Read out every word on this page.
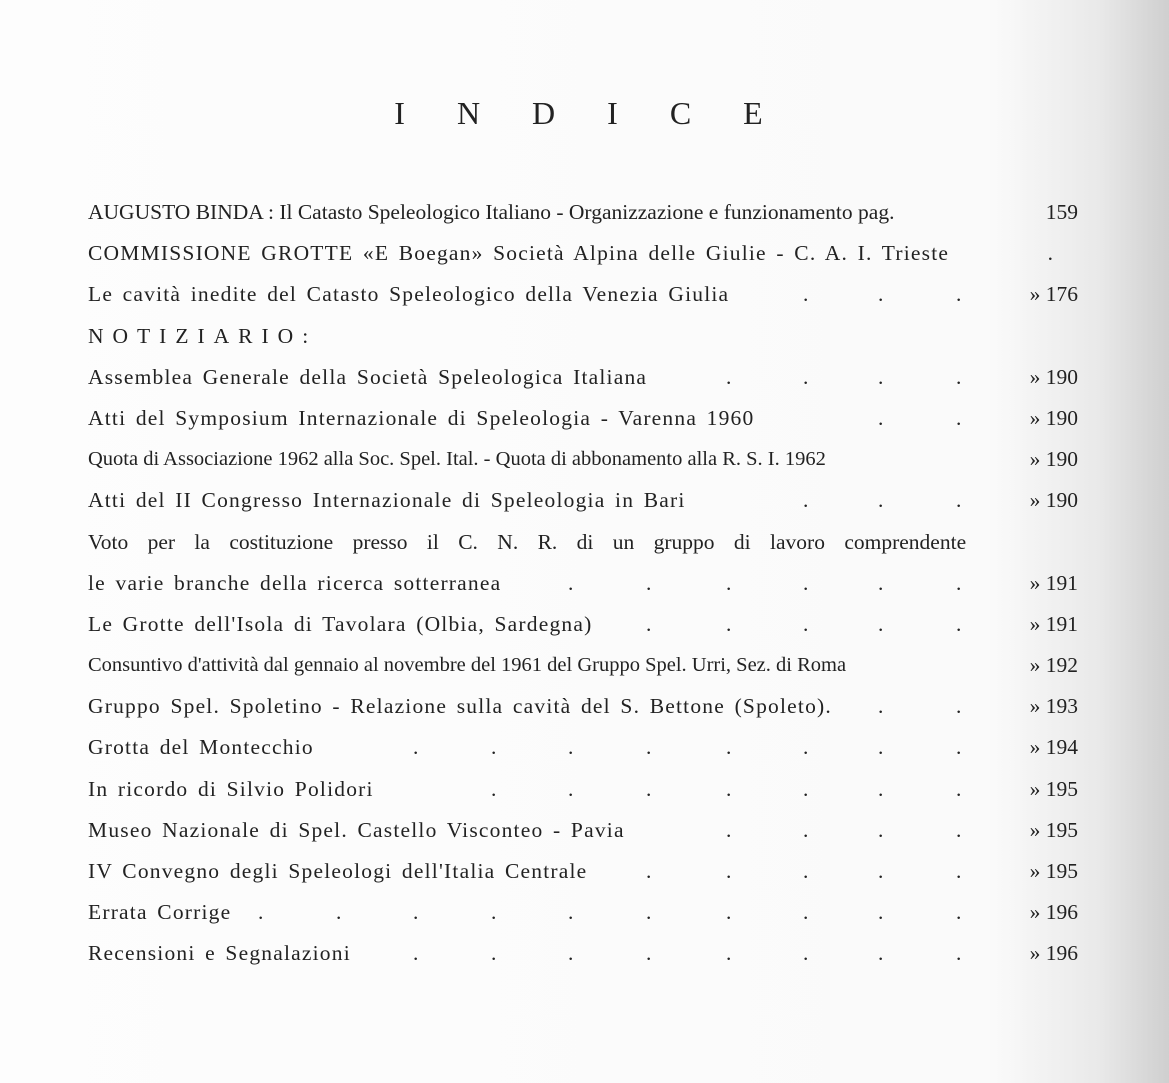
I N D I C E
AUGUSTO BINDA : Il Catasto Speleologico Italiano - Organizzazione e funzionamento pag.	159
COMMISSIONE GROTTE «E Boegan» Società Alpina delle Giulie - C. A. I. Trieste	.
Le cavità inedite del Catasto Speleologico della Venezia Giulia	.	.	.	» 176
NOTIZIARIO:
Assemblea Generale della Società Speleologica Italiana	.	.	.	.	» 190
Atti del Symposium Internazionale di Speleologia - Varenna 1960	.	.	» 190
Quota di Associazione 1962 alla Soc. Spel. Ital. - Quota di abbonamento alla R. S. I. 1962	» 190
Atti del II Congresso Internazionale di Speleologia in Bari	.	.	.	» 190
Voto per la costituzione presso il C. N. R. di un gruppo di lavoro comprendente
le varie branche della ricerca sotterranea	.	.	.	.	.	.	» 191
Le Grotte dell'Isola di Tavolara (Olbia, Sardegna) .	.	.	.	.	» 191
Consuntivo d'attività dal gennaio al novembre del 1961 del Gruppo Spel. Urri, Sez. di Roma	» 192
Gruppo Spel. Spoletino - Relazione sulla cavità del S. Bettone (Spoleto). .	.	» 193
Grotta del Montecchio	.	.	.	.	.	.	.	.	» 194
In ricordo di Silvio Polidori	.	.	.	.	.	.	.	» 195
Museo Nazionale di Spel. Castello Visconteo - Pavia	.	.	.	.	» 195
IV Convegno degli Speleologi dell'Italia Centrale	.	.	.	.	.	» 195
Errata Corrige .	.	.	.	.	.	.	.	.	.	» 196
Recensioni e Segnalazioni	.	.	.	.	.	.	.	.	» 196
